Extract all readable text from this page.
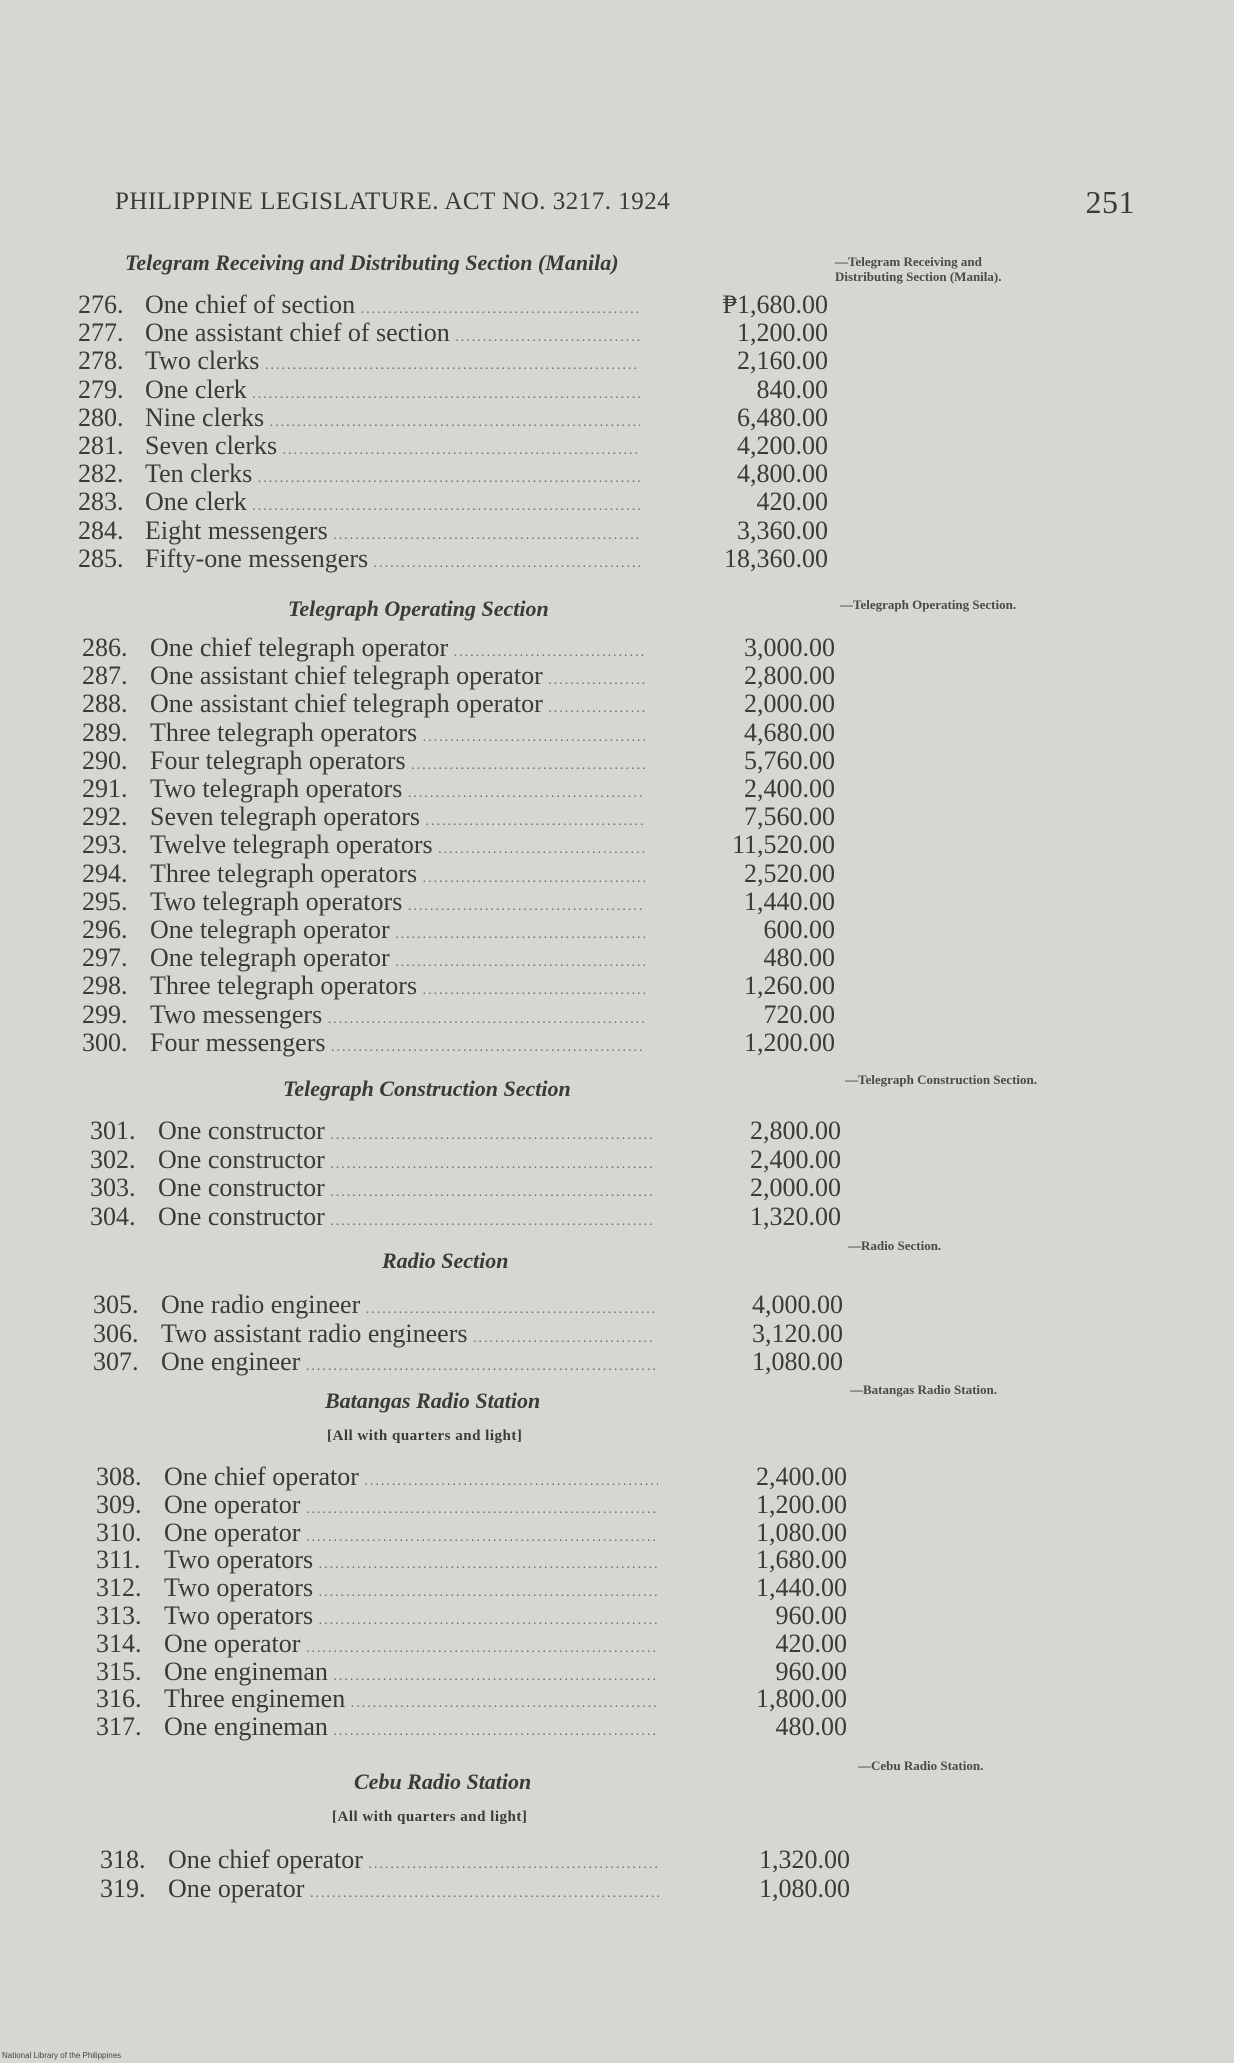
PHILIPPINE LEGISLATURE. ACT NO. 3217. 1924	251
Telegram Receiving and Distributing Section (Manila)	—Telegram Receiving and Distributing Section (Manila).
276. One chief of section .....	₱1,680.00
277. One assistant chief of section .....	1,200.00
278. Two clerks .....	2,160.00
279. One clerk .....	840.00
280. Nine clerks .....	6,480.00
281. Seven clerks .....	4,200.00
282. Ten clerks .....	4,800.00
283. One clerk .....	420.00
284. Eight messengers .....	3,360.00
285. Fifty-one messengers .....	18,360.00
Telegraph Operating Section	—Telegraph Operating Section.
286. One chief telegraph operator .....	3,000.00
287. One assistant chief telegraph operator .....	2,800.00
288. One assistant chief telegraph operator .....	2,000.00
289. Three telegraph operators .....	4,680.00
290. Four telegraph operators .....	5,760.00
291. Two telegraph operators .....	2,400.00
292. Seven telegraph operators .....	7,560.00
293. Twelve telegraph operators .....	11,520.00
294. Three telegraph operators .....	2,520.00
295. Two telegraph operators .....	1,440.00
296. One telegraph operator .....	600.00
297. One telegraph operator .....	480.00
298. Three telegraph operators .....	1,260.00
299. Two messengers .....	720.00
300. Four messengers .....	1,200.00
Telegraph Construction Section	—Telegraph Construction Section.
301. One constructor .....	2,800.00
302. One constructor .....	2,400.00
303. One constructor .....	2,000.00
304. One constructor .....	1,320.00
Radio Section
—Radio Section.
305. One radio engineer .....	4,000.00
306. Two assistant radio engineers .....	3,120.00
307. One engineer .....	1,080.00
Batangas Radio Station
[All with quarters and light]
—Batangas Radio Station.
308. One chief operator .....	2,400.00
309. One operator .....	1,200.00
310. One operator .....	1,080.00
311. Two operators .....	1,680.00
312. Two operators .....	1,440.00
313. Two operators .....	960.00
314. One operator .....	420.00
315. One engineman .....	960.00
316. Three enginemen .....	1,800.00
317. One engineman .....	480.00
Cebu Radio Station
[All with quarters and light]
—Cebu Radio Station.
318. One chief operator .....	1,320.00
319. One operator .....	1,080.00
National Library of the Philippines
